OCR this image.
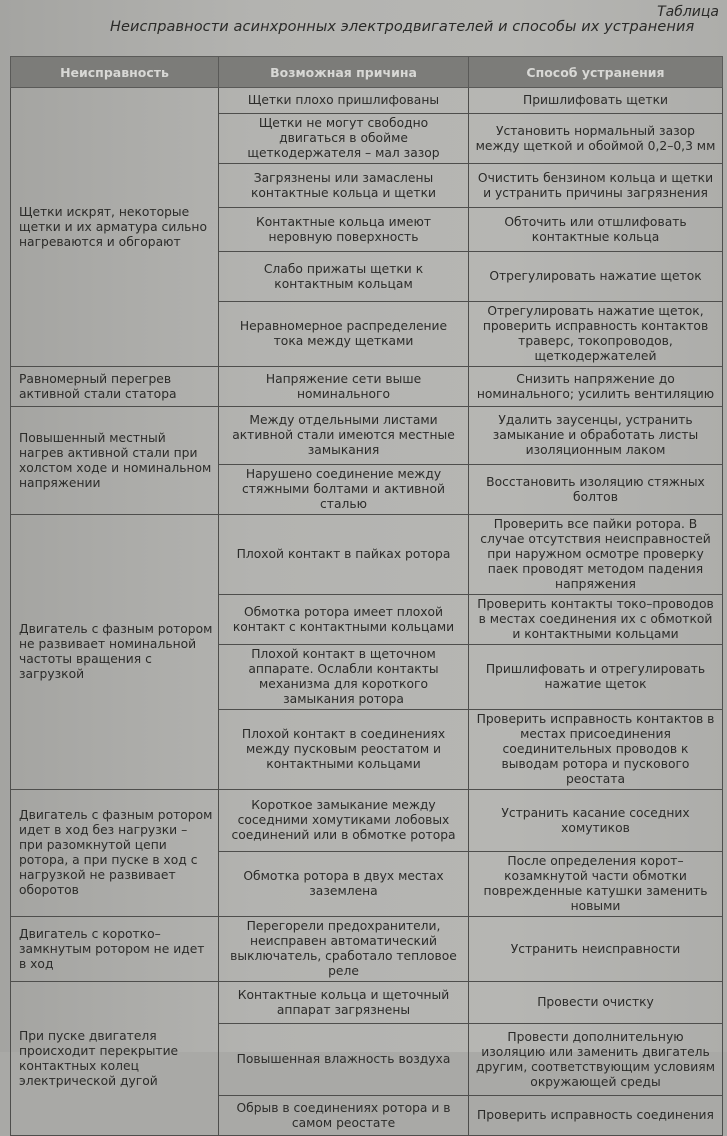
Таблица
Неисправности асинхронных электродвигателей и способы их устранения
Неисправность	Возможная причина	Способ устранения
Щетки искрят, некоторые щетки и их арматура сильно нагреваются и обгорают	Щетки плохо пришлифованы	Пришлифовать щетки
	Щетки не могут свободно двигаться в обойме щеткодержателя – мал зазор	Установить нормальный зазор между щеткой и обоймой 0,2–0,3 мм
	Загрязнены или замаслены контактные кольца и щетки	Очистить бензином кольца и щетки и устранить причины загрязнения
	Контактные кольца имеют неровную поверхность	Обточить или отшлифовать контактные кольца
	Слабо прижаты щетки к контактным кольцам	Отрегулировать нажатие щеток
	Неравномерное распределение тока между щетками	Отрегулировать нажатие щеток, проверить исправность контактов траверс, токопроводов, щеткодержателей
Равномерный перегрев активной стали статора	Напряжение сети выше номинального	Снизить напряжение до номинального; усилить вентиляцию
Повышенный местный нагрев активной стали при холстом ходе и номинальном напряжении	Между отдельными листами активной стали имеются местные замыкания	Удалить заусенцы, устранить замыкание и обработать листы изоляционным лаком
	Нарушено соединение между стяжными болтами и активной сталью	Восстановить изоляцию стяжных болтов
Двигатель с фазным ротором не развивает номинальной частоты вращения с загрузкой	Плохой контакт в пайках ротора	Проверить все пайки ротора. В случае отсутствия неисправностей при наружном осмотре проверку паек проводят методом падения напряжения
	Обмотка ротора имеет плохой контакт с контактными кольцами	Проверить контакты токо–проводов в местах соединения их с обмоткой и контактными кольцами
	Плохой контакт в щеточном аппарате. Ослабли контакты механизма для короткого замыкания ротора	Пришлифовать и отрегулировать нажатие щеток
	Плохой контакт в соединениях между пусковым реостатом и контактными кольцами	Проверить исправность контактов в местах присоединения соединительных проводов к выводам ротора и пускового реостата
Двигатель с фазным ротором идет в ход без нагрузки – при разомкнутой цепи ротора, а при пуске в ход с нагрузкой не развивает оборотов	Короткое замыкание между соседними хомутиками лобовых соединений или в обмотке ротора	Устранить касание соседних хомутиков
	Обмотка ротора в двух местах заземлена	После определения корот–козамкнутой части обмотки поврежденные катушки заменить новыми
Двигатель с коротко–замкнутым ротором не идет в ход	Перегорели предохранители, неисправен автоматический выключатель, сработало тепловое реле	Устранить неисправности
При пуске двигателя происходит перекрытие контактных колец электрической дугой	Контактные кольца и щеточный аппарат загрязнены	Провести очистку
	Повышенная влажность воздуха	Провести дополнительную изоляцию или заменить двигатель другим, соответствующим условиям окружающей среды
	Обрыв в соединениях ротора и в самом реостате	Проверить исправность соединения
